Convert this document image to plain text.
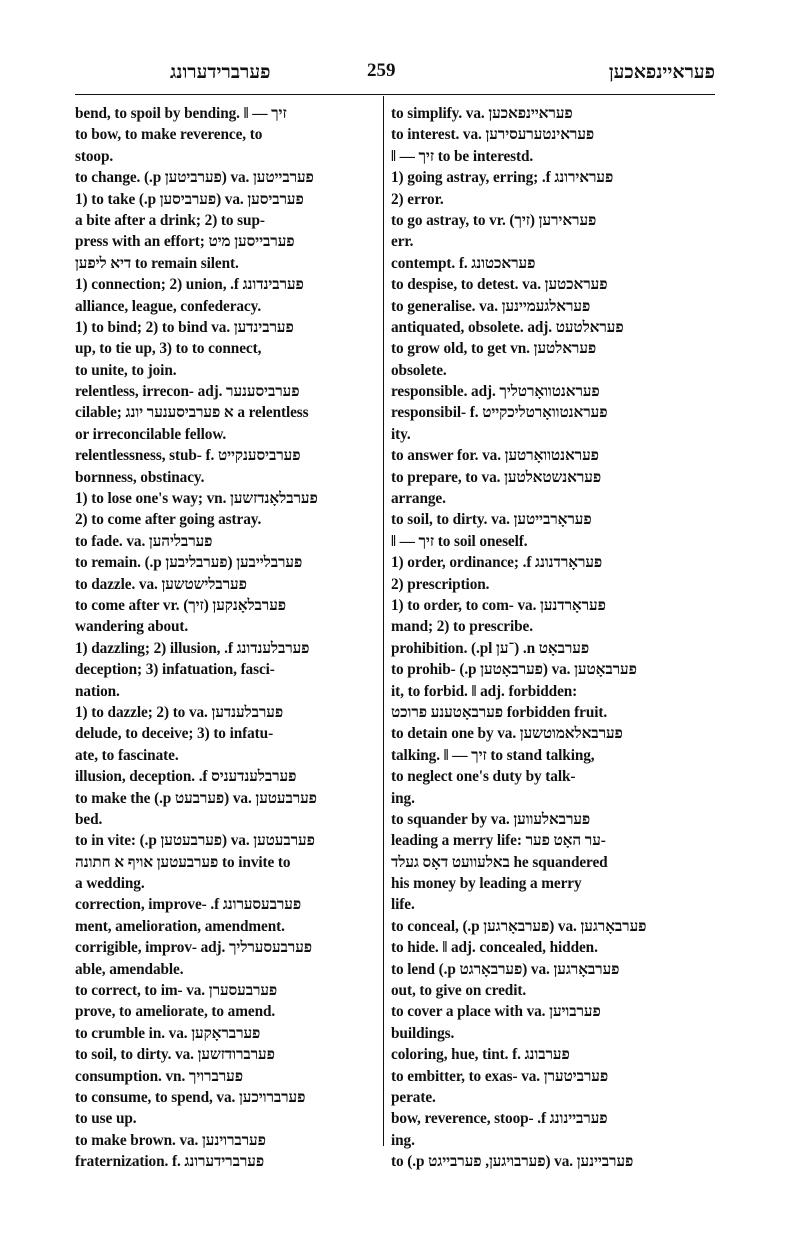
פערברידערונג	259	פעראיינפאכען
bend, to spoil by bending. ‖ — זיך
to bow, to make reverence, to
stoop.
to change. (.p פערביטען) va. פערבייטען
1) to take (.p פערביסען) va. פערביסען
a bite after a drink; 2) to sup-
press with an effort; פערבייסען מיט
דיא ליפען to remain silent.
1) connection; 2) union, .f פערבינדונג
alliance, league, confederacy.
1) to bind; 2) to bind va. פערבינדען
up, to tie up, 3) to to connect,
to unite, to join.
relentless, irrecon- adj. פערביסענער
cilable; א פערביסענער יונג a relentless
or irreconcilable fellow.
relentlessness, stub- f. פערביסענקייט
bornness, obstinacy.
1) to lose one's way; vn. פערבלאָנדזשען
2) to come after going astray.
to fade. va. פערבליהען
to remain. (.p פערבליבען) פערבלייבען
to dazzle. va. פערבלישטשען
to come after vr. (זיך) פערבלאָנקען
wandering about.
1) dazzling; 2) illusion, .f פערבלענדונג
deception; 3) infatuation, fasci-
nation.
1) to dazzle; 2) to va. פערבלענדען
delude, to deceive; 3) to infatu-
ate, to fascinate.
illusion, deception. .f פערבלענדעניס
to make the (.p פערבעט) va. פערבעטען
bed.
to in vite: (.p פערבעטען) va. פערבעטען
פערבעטען אויף א חתונה to invite to
a wedding.
correction, improve- .f פערבעסערונג
ment, amelioration, amendment.
corrigible, improv- adj. פערבעסערליך
able, amendable.
to correct, to im- va. פערבעסערן
prove, to ameliorate, to amend.
to crumble in. va. פערבראָקען
to soil, to dirty. va. פערברודזשען
consumption. vn. פערברויך
to consume, to spend, va. פערברויכען
to use up.
to make brown. va. פערברוינען
fraternization. f. פערברידערונג
to simplify. va. פעראיינפאכען
to interest. va. פעראינטערעסירען
‖ — זיך to be interestd.
1) going astray, erring; .f פעראירונג
2) error.
to go astray, to vr. (זיך) פעראירען
err.
contempt. f. פעראכטונג
to despise, to detest. va. פעראכטען
to generalise. va. פעראלגעמיינען
antiquated, obsolete. adj. פעראלטעט
to grow old, to get vn. פעראלטען
obsolete.
responsible. adj. פעראנטוואָרטליך
responsibil- f. פעראנטוואָרטליכקייט
ity.
to answer for. va. פעראנטוואָרטען
to prepare, to va. פעראנשטאלטען
arrange.
to soil, to dirty. va. פעראָרבייטען
‖ — זיך to soil oneself.
1) order, ordinance; .f פעראָרדנונג
2) prescription.
1) to order, to com- va. פעראָרדנען
mand; 2) to prescribe.
prohibition. (.pl ־ען) .n פערבאָט
to prohib- (.p פערבאָטען) va. פערבאָטען
it, to forbid. ‖ adj. forbidden:
פערבאָטענע פרוכט forbidden fruit.
to detain one by va. פערבאלאמוטשען
talking. ‖ — זיך to stand talking,
to neglect one's duty by talk-
ing.
to squander by va. פערבאלעווען
leading a merry life: ער האָט פער-
באלעוועט דאָס געלד he squandered
his money by leading a merry
life.
to conceal, (.p פערבאָרגען) va. פערבאָרגען
to hide. ‖ adj. concealed, hidden.
to lend (.p פערבאָרגט) va. פערבאָרגען
out, to give on credit.
to cover a place with va. פערבויען
buildings.
coloring, hue, tint. f. פערבונג
to embitter, to exas- va. פערביטערן
perate.
bow, reverence, stoop- .f פערביינונג
ing.
to (.p פערבויגען, פערבייגט) va. פערביינען
